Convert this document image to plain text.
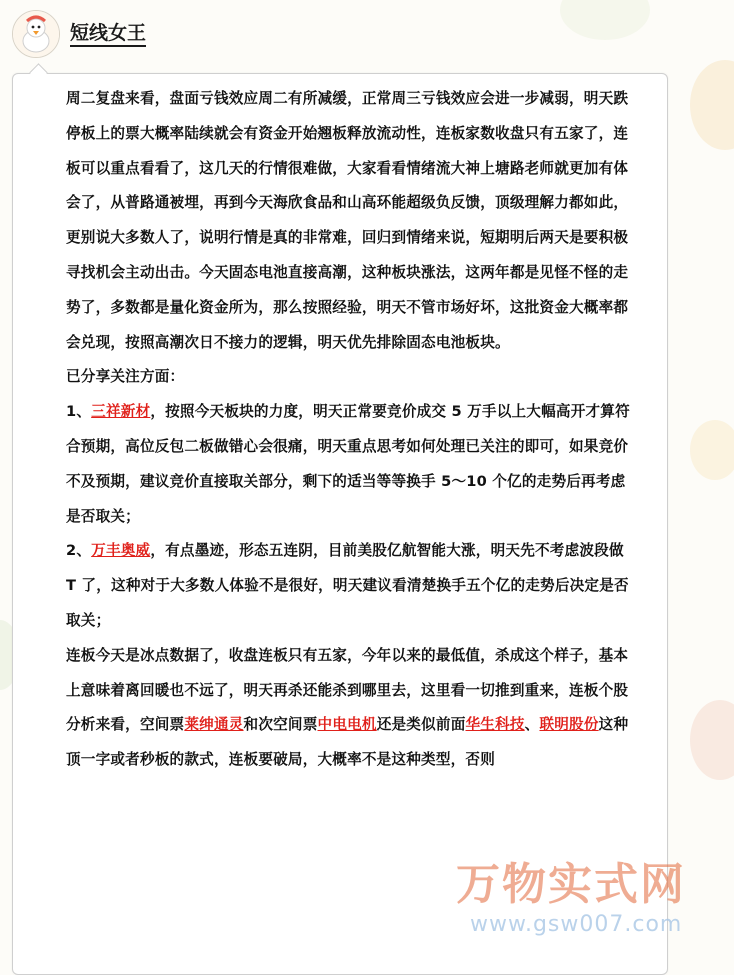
短线女王

周二复盘来看，盘面亏钱效应周二有所减缓，正常周三亏钱效应会进一步减弱，明天跌停板上的票大概率陆续就会有资金开始翘板释放流动性，连板家数收盘只有五家了，连板可以重点看看了，这几天的行情很难做，大家看看情绪流大神上塘路老师就更加有体会了，从普路通被埋，再到今天海欣食品和山高环能超级负反馈，顶级理解力都如此，更别说大多数人了，说明行情是真的非常难，回归到情绪来说，短期明后两天是要积极寻找机会主动出击。今天固态电池直接高潮，这种板块涨法，这两年都是见怪不怪的走势了，多数都是量化资金所为，那么按照经验，明天不管市场好坏，这批资金大概率都会兑现，按照高潮次日不接力的逻辑，明天优先排除固态电池板块。

已分享关注方面：

1、三祥新材，按照今天板块的力度，明天正常要竞价成交 5 万手以上大幅高开才算符合预期，高位反包二板做错心会很痛，明天重点思考如何处理已关注的即可，如果竞价不及预期，建议竞价直接取关部分，剩下的适当等等换手 5～10 个亿的走势后再考虑是否取关；

2、万丰奥威，有点墨迹，形态五连阴，目前美股亿航智能大涨，明天先不考虑波段做 T 了，这种对于大多数人体验不是很好，明天建议看清楚换手五个亿的走势后决定是否取关；

连板今天是冰点数据了，收盘连板只有五家，今年以来的最低值，杀成这个样子，基本上意味着离回暖也不远了，明天再杀还能杀到哪里去，这里看一切推到重来，连板个股分析来看，空间票莱绅通灵和次空间票中电电机还是类似前面华生科技、联明股份这种顶一字或者秒板的款式，连板要破局，大概率不是这种类型，否则

万物实式网
www.gsw007.com
